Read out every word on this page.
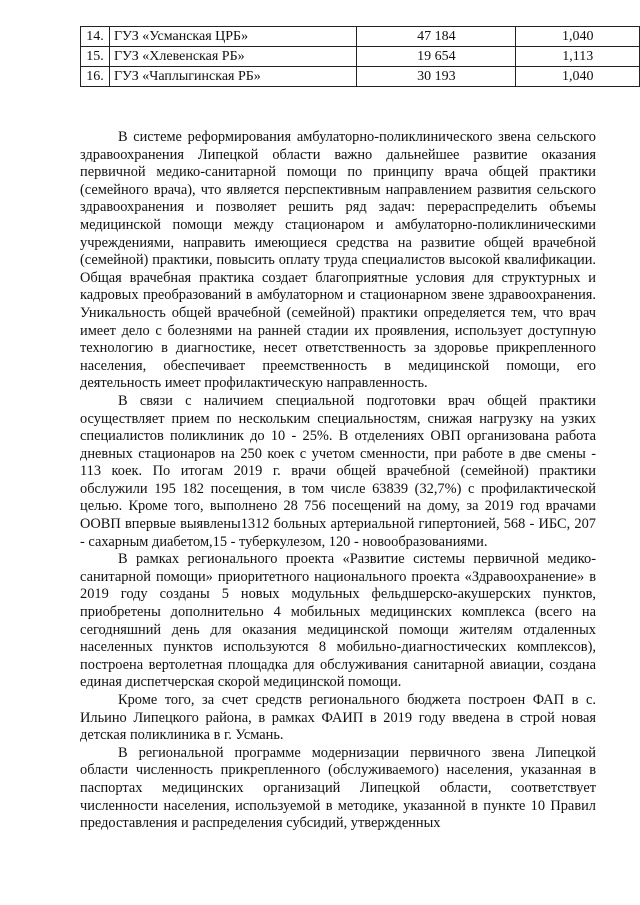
14.	ГУЗ «Усманская ЦРБ»	47 184	1,040
15.	ГУЗ «Хлевенская РБ»	19 654	1,113
16.	ГУЗ «Чаплыгинская РБ»	30 193	1,040

В системе реформирования амбулаторно-поликлинического звена сельского здравоохранения Липецкой области важно дальнейшее развитие оказания первичной медико-санитарной помощи по принципу врача общей практики (семейного врача), что является перспективным направлением развития сельского здравоохранения и позволяет решить ряд задач: перераспределить объемы медицинской помощи между стационаром и амбулаторно-поликлиническими учреждениями, направить имеющиеся средства на развитие общей врачебной (семейной) практики, повысить оплату труда специалистов высокой квалификации. Общая врачебная практика создает благоприятные условия для структурных и кадровых преобразований в амбулаторном и стационарном звене здравоохранения. Уникальность общей врачебной (семейной) практики определяется тем, что врач имеет дело с болезнями на ранней стадии их проявления, использует доступную технологию в диагностике, несет ответственность за здоровье прикрепленного населения, обеспечивает преемственность в медицинской помощи, его деятельность имеет профилактическую направленность.

В связи с наличием специальной подготовки врач общей практики осуществляет прием по нескольким специальностям, снижая нагрузку на узких специалистов поликлиник до 10 - 25%. В отделениях ОВП организована работа дневных стационаров на 250 коек с учетом сменности, при работе в две смены - 113 коек. По итогам 2019 г. врачи общей врачебной (семейной) практики обслужили 195 182 посещения, в том числе 63839 (32,7%) с профилактической целью. Кроме того, выполнено 28 756 посещений на дому, за 2019 год врачами ООВП впервые выявлены1312 больных артериальной гипертонией, 568 - ИБС, 207 - сахарным диабетом,15 - туберкулезом, 120 - новообразованиями.

В рамках регионального проекта «Развитие системы первичной медико-санитарной помощи» приоритетного национального проекта «Здравоохранение» в 2019 году созданы 5 новых модульных фельдшерско-акушерских пунктов, приобретены дополнительно 4 мобильных медицинских комплекса (всего на сегодняшний день для оказания медицинской помощи жителям отдаленных населенных пунктов используются 8 мобильно-диагностических комплексов), построена вертолетная площадка для обслуживания санитарной авиации, создана единая диспетчерская скорой медицинской помощи.

Кроме того, за счет средств регионального бюджета построен ФАП в с. Ильино Липецкого района, в рамках ФАИП в 2019 году введена в строй новая детская поликлиника в г. Усмань.

В региональной программе модернизации первичного звена Липецкой области численность прикрепленного (обслуживаемого) населения, указанная в паспортах медицинских организаций Липецкой области, соответствует численности населения, используемой в методике, указанной в пункте 10 Правил предоставления и распределения субсидий, утвержденных
